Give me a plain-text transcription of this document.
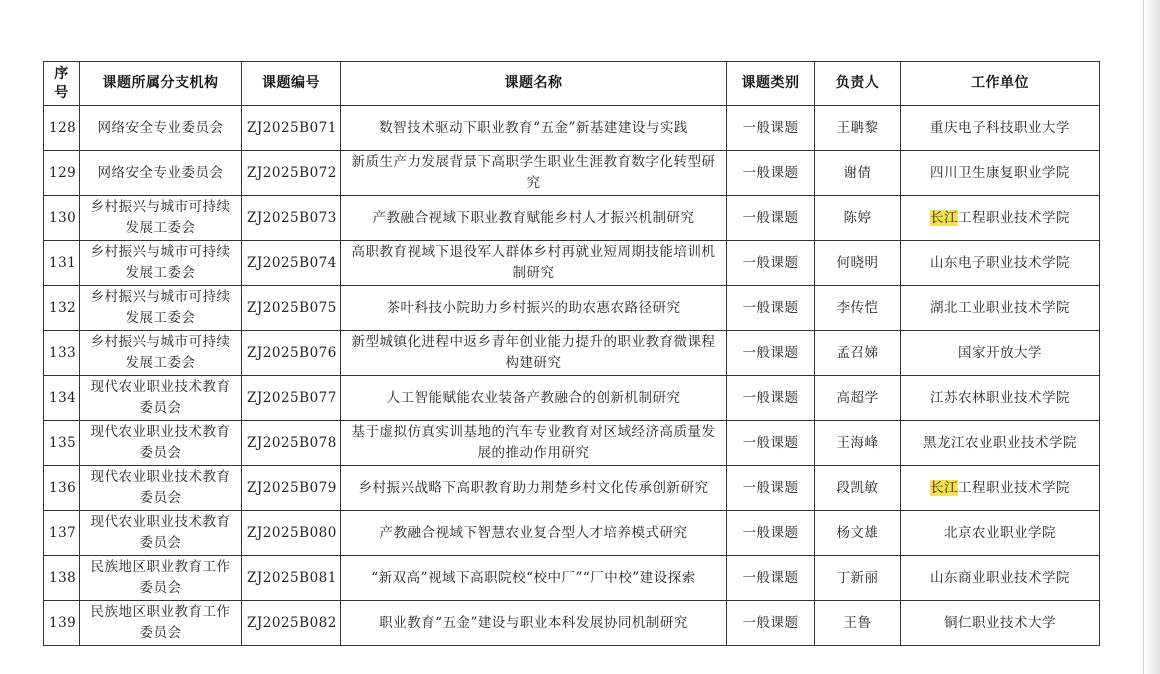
序号	课题所属分支机构	课题编号	课题名称	课题类别	负责人	工作单位
128	网络安全专业委员会	ZJ2025B071	数智技术驱动下职业教育“五金”新基建建设与实践	一般课题	王聃黎	重庆电子科技职业大学
129	网络安全专业委员会	ZJ2025B072	新质生产力发展背景下高职学生职业生涯教育数字化转型研究	一般课题	谢倩	四川卫生康复职业学院
130	乡村振兴与城市可持续发展工委会	ZJ2025B073	产教融合视域下职业教育赋能乡村人才振兴机制研究	一般课题	陈婷	长江工程职业技术学院
131	乡村振兴与城市可持续发展工委会	ZJ2025B074	高职教育视域下退役军人群体乡村再就业短周期技能培训机制研究	一般课题	何晓明	山东电子职业技术学院
132	乡村振兴与城市可持续发展工委会	ZJ2025B075	茶叶科技小院助力乡村振兴的助农惠农路径研究	一般课题	李传恺	湖北工业职业技术学院
133	乡村振兴与城市可持续发展工委会	ZJ2025B076	新型城镇化进程中返乡青年创业能力提升的职业教育微课程构建研究	一般课题	孟召娣	国家开放大学
134	现代农业职业技术教育委员会	ZJ2025B077	人工智能赋能农业装备产教融合的创新机制研究	一般课题	高超学	江苏农林职业技术学院
135	现代农业职业技术教育委员会	ZJ2025B078	基于虚拟仿真实训基地的汽车专业教育对区域经济高质量发展的推动作用研究	一般课题	王海峰	黑龙江农业职业技术学院
136	现代农业职业技术教育委员会	ZJ2025B079	乡村振兴战略下高职教育助力荆楚乡村文化传承创新研究	一般课题	段凯敏	长江工程职业技术学院
137	现代农业职业技术教育委员会	ZJ2025B080	产教融合视域下智慧农业复合型人才培养模式研究	一般课题	杨文雄	北京农业职业学院
138	民族地区职业教育工作委员会	ZJ2025B081	“新双高”视域下高职院校“校中厂”“厂中校”建设探索	一般课题	丁新丽	山东商业职业技术学院
139	民族地区职业教育工作委员会	ZJ2025B082	职业教育“五金”建设与职业本科发展协同机制研究	一般课题	王鲁	铜仁职业技术大学
